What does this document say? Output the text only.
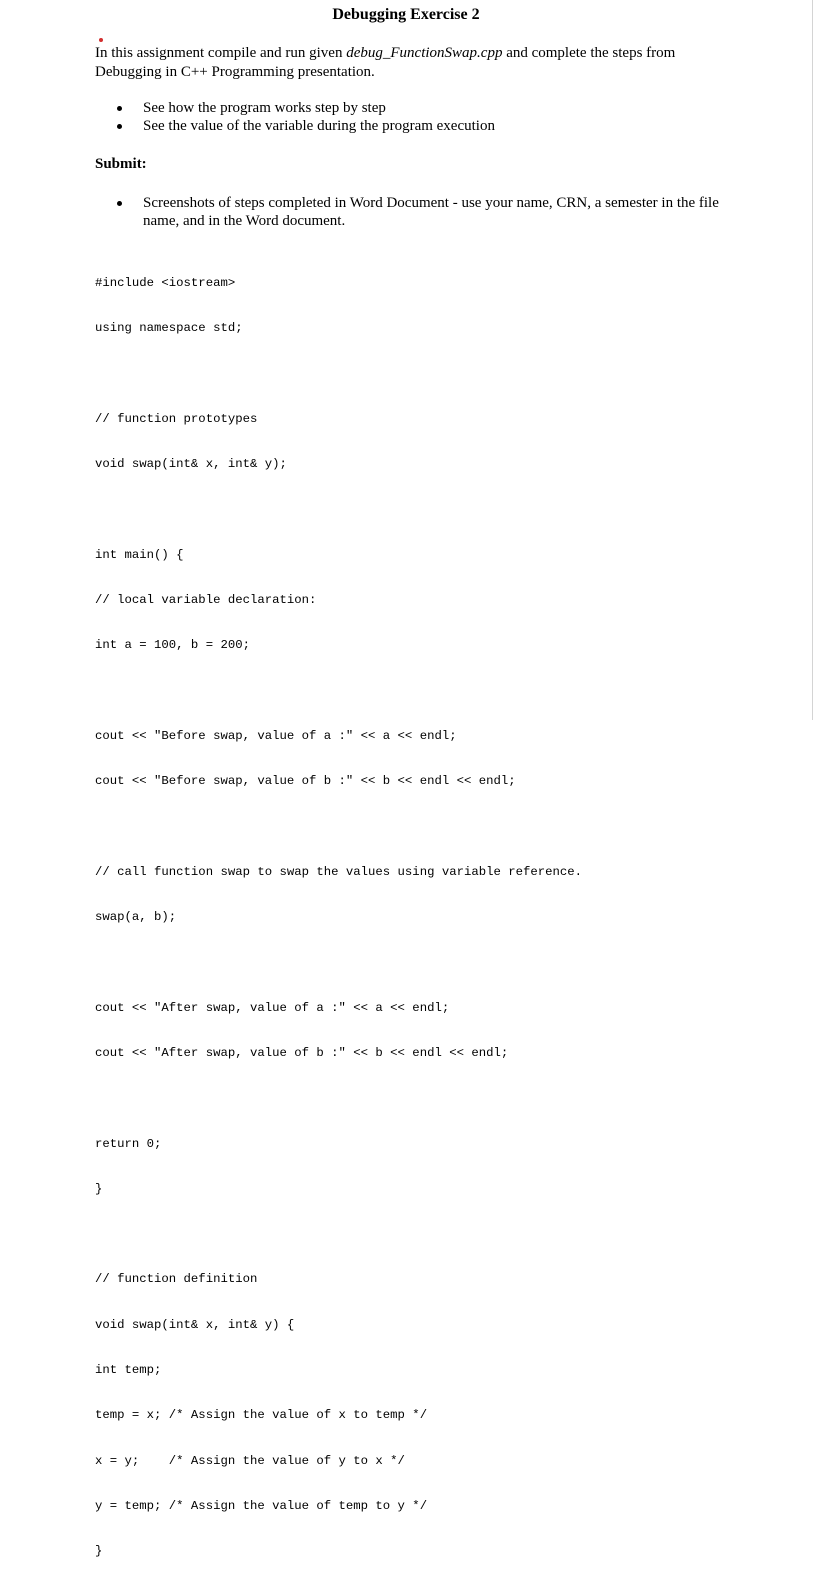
Debugging Exercise 2
In this assignment compile and run given debug_FunctionSwap.cpp and complete the steps from Debugging in C++ Programming presentation.
See how the program works step by step
See the value of the variable during the program execution
Submit:
Screenshots of steps completed in Word Document - use your name, CRN, a semester in the file name, and in the Word document.

#include <iostream>

using namespace std;

// function prototypes

void swap(int& x, int& y);

int main() {

// local variable declaration:

int a = 100, b = 200;

cout << "Before swap, value of a :" << a << endl;

cout << "Before swap, value of b :" << b << endl << endl;

// call function swap to swap the values using variable reference.

swap(a, b);

cout << "After swap, value of a :" << a << endl;

cout << "After swap, value of b :" << b << endl << endl;

return 0;

}

// function definition

void swap(int& x, int& y) {

int temp;

temp = x; /* Assign the value of x to temp */

x = y;    /* Assign the value of y to x */

y = temp; /* Assign the value of temp to y */

}
